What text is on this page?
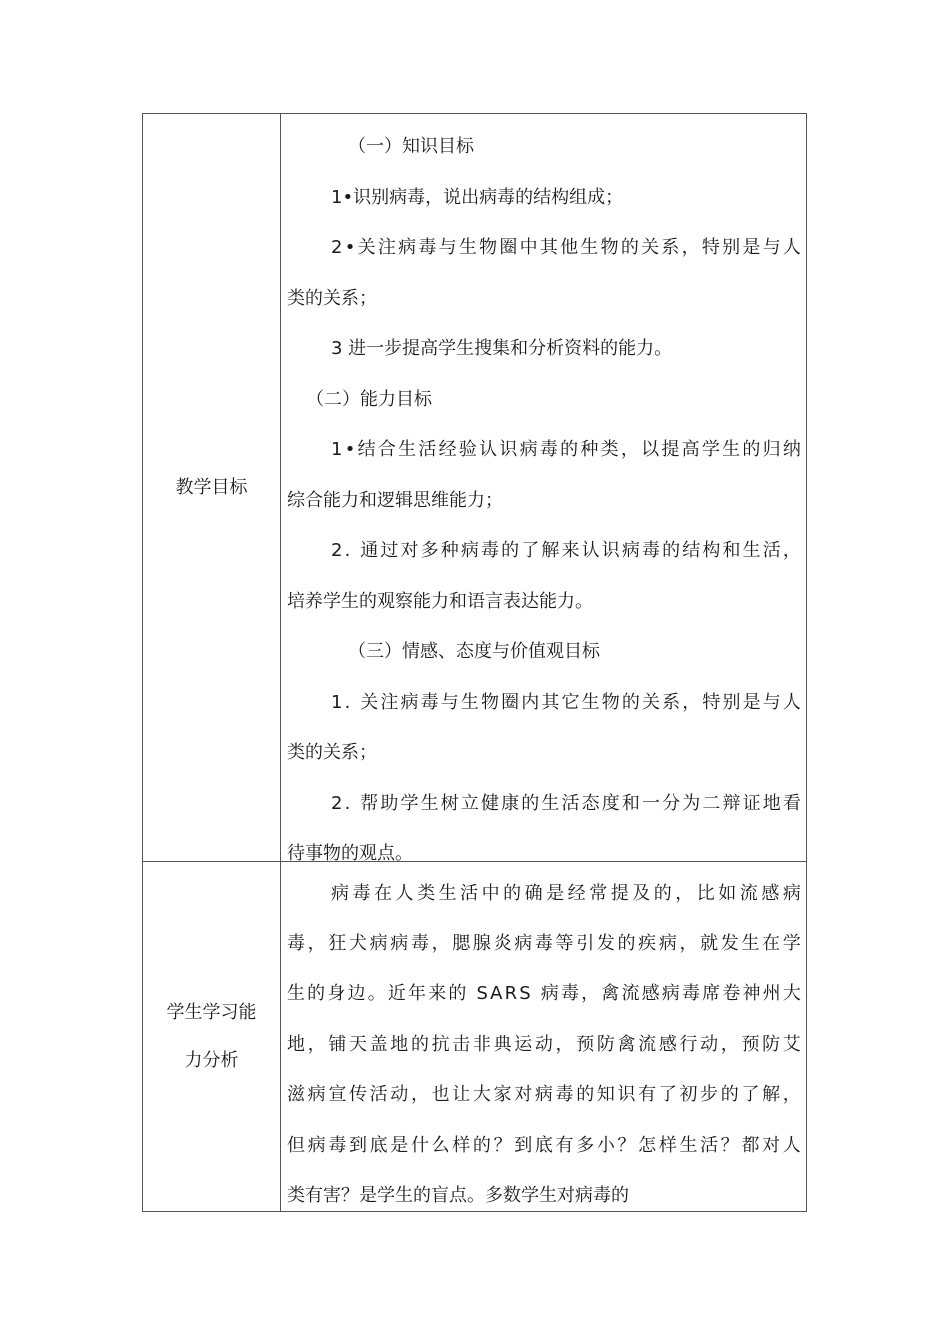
教学目标
（一）知识目标
1•识别病毒，说出病毒的结构组成；
2 • 关 注 病 毒 与 生 物 圈 中 其 他 生 物 的 关 系 ， 特 别 是 与 人
类的关系；
3 进一步提高学生搜集和分析资料的能力。
（二）能力目标
1 • 结 合 生 活 经 验 认 识 病 毒 的 种 类 ， 以 提 高 学 生 的 归 纳
综合能力和逻辑思维能力；
2 .
通 过 对 多 种 病 毒 的 了 解 来 认 识 病 毒 的 结 构 和 生 活 ，
培养学生的观察能力和语言表达能力。
（三）情感、态度与价值观目标
1 .
关 注 病 毒 与 生 物 圈 内 其 它 生 物 的 关 系 ， 特 别 是 与 人
类的关系；
2 .
帮 助 学 生 树 立 健 康 的 生 活 态 度 和 一 分 为 二 辩 证 地 看
待事物的观点。
学生学习能
力分析
病 毒 在 人 类 生 活 中 的 确 是 经 常 提 及 的 ， 比 如 流 感 病
毒 ， 狂 犬 病 病 毒 ， 腮 腺 炎 病 毒 等 引 发 的 疾 病 ， 就 发 生 在 学
生 的 身 边 。 近 年 来 的
S A R S
病 毒 ， 禽 流 感 病 毒 席 卷 神 州 大
地 ， 铺 天 盖 地 的 抗 击 非 典 运 动 ， 预 防 禽 流 感 行 动 ， 预 防 艾
滋 病 宣 传 活 动 ， 也 让 大 家 对 病 毒 的 知 识 有 了 初 步 的 了 解 ，
但 病 毒 到 底 是 什 么 样 的 ？ 到 底 有 多 小 ？ 怎 样 生 活 ？ 都 对 人
类有害？是学生的盲点。多数学生对病毒的
